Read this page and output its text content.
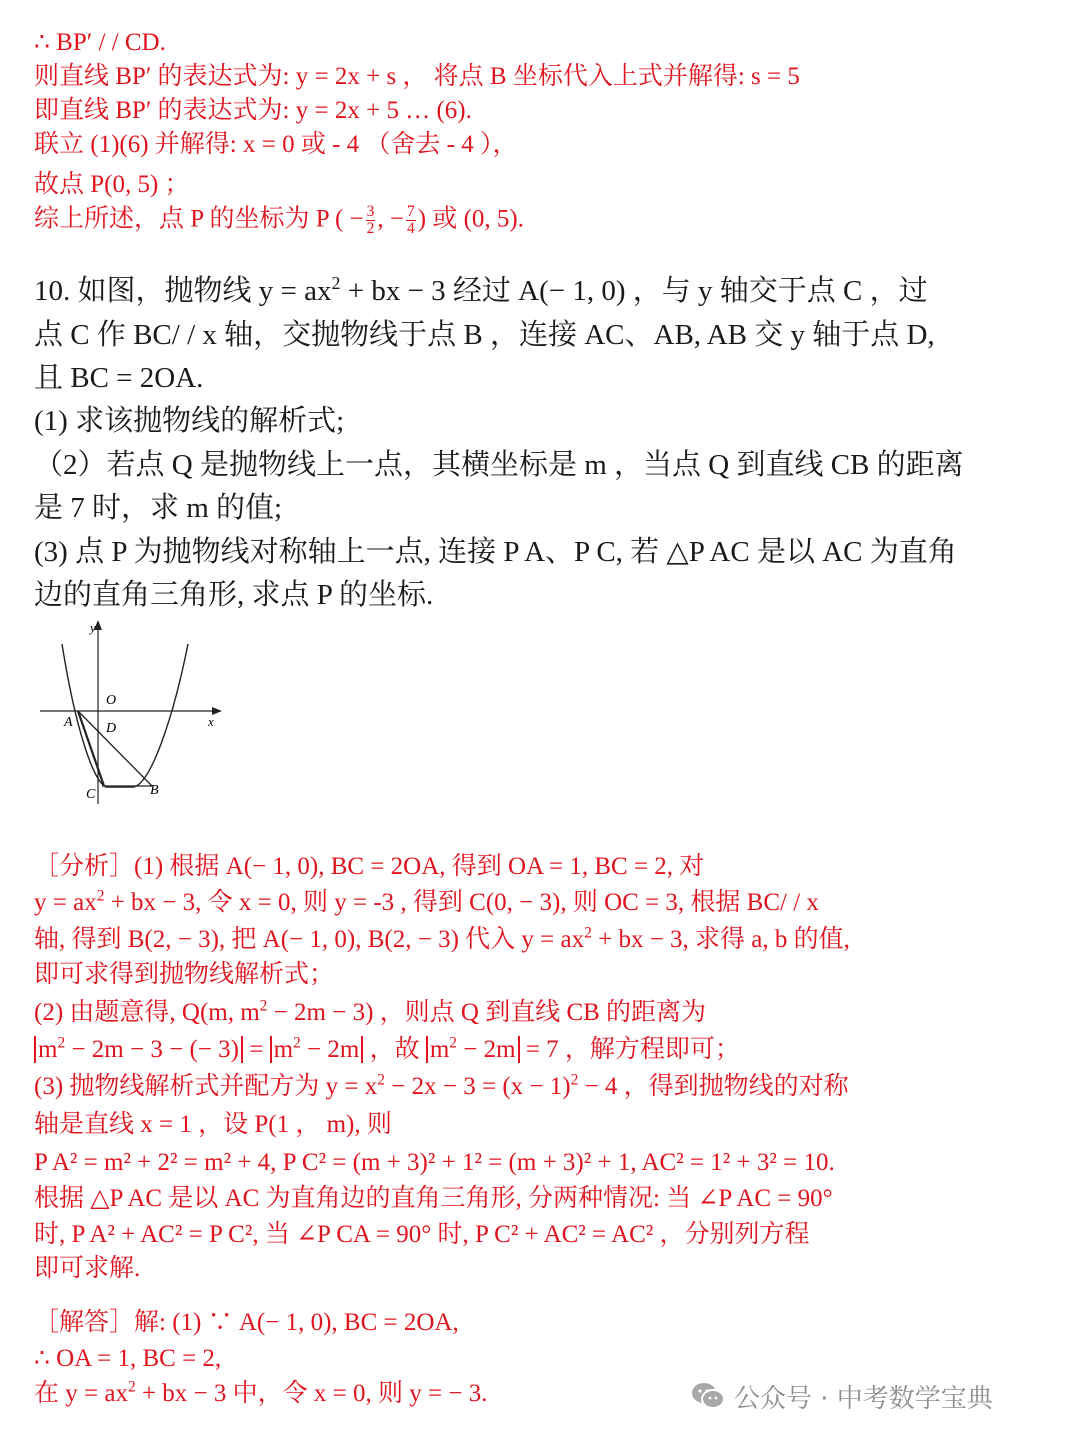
∴ BP′ / / CD.
则直线 BP′ 的表达式为: y = 2x + s ， 将点 B 坐标代入上式并解得: s = 5
即直线 BP′ 的表达式为: y = 2x + 5 … (6).
联立 (1)(6) 并解得: x = 0 或 - 4 （舍去 - 4 ），
故点 P(0, 5) ；
综上所述，点 P 的坐标为 P ( − $\frac{3}{2}$ , − $\frac{7}{4}$ ) 或 (0, 5).
10. 如图，抛物线 $y = ax^2$ + bx − 3 经过 A(− 1, 0) ，与 y 轴交于点 C ，过
点 C 作 BC/ / x 轴，交抛物线于点 B ，连接 AC、AB, AB 交 y 轴于点 D,
且 BC = 2OA.
(1) 求该抛物线的解析式;
（2）若点 Q 是抛物线上一点，其横坐标是 m ，当点 Q 到直线 CB 的距离
是 7 时，求 m 的值;
(3) 点 P 为抛物线对称轴上一点, 连接 P A、P C, 若 △P AC 是以 AC 为直角
边的直角三角形, 求点 P 的坐标.
y
x
O
A D
C	B
［分析］(1) 根据 A(− 1, 0), BC = 2OA, 得到 OA = 1, BC = 2, 对
$y = ax^2$ + bx − 3, 令 x = 0, 则 y = -3 , 得到 C(0, − 3), 则 OC = 3, 根据 BC/ / x
轴, 得到 B(2, − 3), 把 A(− 1, 0), B(2, − 3) 代入 $y = ax^2$ + bx − 3, 求得 a, b 的值,
即可求得到抛物线解析式；
(2) 由题意得, Q(m, $m^2 - 2m - 3$) ，则点 Q 到直线 CB 的距离为
$m^2 - 2m - 3$ − (− $3) = m^2 - 2m$ ，故 $m^2 - 2m = 7$ ，解方程即可；
(3) 抛物线解析式并配方为 $y = x^2 - 2x - 3 = (x - 1)^2 - 4$ ，得到抛物线的对称
轴是直线 x = 1 ，设 P(1 ， m), 则
P A² = m² + 2² = m² + 4, P C² = (m + 3)² + 1² = (m + 3)² + 1, AC² = 1² + 3² = 10.
根据 △P AC 是以 AC 为直角边的直角三角形, 分两种情况: 当 ∠P AC = 90°
时, P A² + AC² = P C², 当 ∠P CA = 90° 时, P C² + AC² = AC² ，分别列方程
即可求解.
［解答］解: (1) ∵ A(− 1, 0), BC = 2OA,
∴ OA = 1, BC = 2,
在 $y = ax^2$ + bx − 3 中，令 x = 0, 则 y = − 3.	公众号 · 中考数学宝典
